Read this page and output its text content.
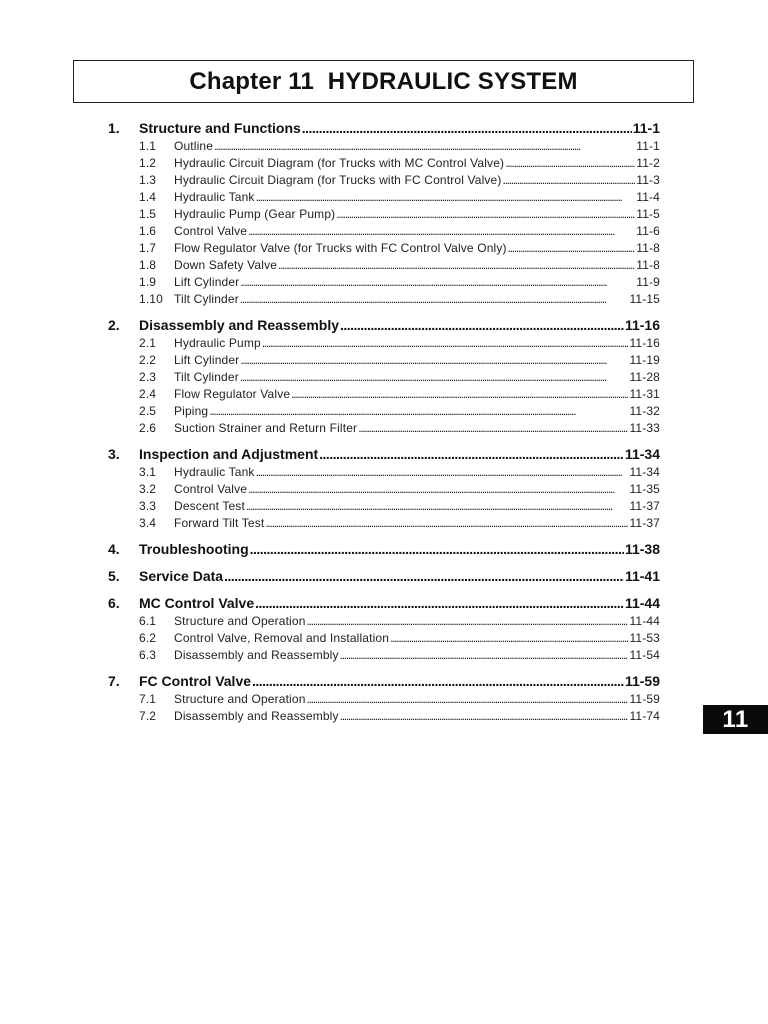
Chapter 11  HYDRAULIC SYSTEM
1.	Structure and Functions . . .	11-1
1.1	Outline . . .	11-1
1.2	Hydraulic Circuit Diagram (for Trucks with MC Control Valve) . . .	11-2
1.3	Hydraulic Circuit Diagram (for Trucks with FC Control Valve) . . .	11-3
1.4	Hydraulic Tank . . .	11-4
1.5	Hydraulic Pump (Gear Pump) . . .	11-5
1.6	Control Valve . . .	11-6
1.7	Flow Regulator Valve (for Trucks with FC Control Valve Only) . . .	11-8
1.8	Down Safety Valve . . .	11-8
1.9	Lift Cylinder . . .	11-9
1.10 Tilt Cylinder . . .	11-15
2.	Disassembly and Reassembly . . .	11-16
2.1	Hydraulic Pump . . .	11-16
2.2	Lift Cylinder . . .	11-19
2.3	Tilt Cylinder . . .	11-28
2.4	Flow Regulator Valve . . .	11-31
2.5	Piping . . .	11-32
2.6	Suction Strainer and Return Filter . . .	11-33
3.	Inspection and Adjustment . . .	11-34
3.1	Hydraulic Tank . . .	11-34
3.2	Control Valve . . .	11-35
3.3	Descent Test . . .	11-37
3.4	Forward Tilt Test . . .	11-37
4.	Troubleshooting . . .	11-38
5.	Service Data . . .	11-41
6.	MC Control Valve . . .	11-44
6.1	Structure and Operation . . .	11-44
6.2	Control Valve, Removal and Installation . . .	11-53
6.3	Disassembly and Reassembly . . .	11-54
7.	FC Control Valve . . .	11-59
7.1	Structure and Operation . . .	11-59
7.2	Disassembly and Reassembly . . .	11-74	11
